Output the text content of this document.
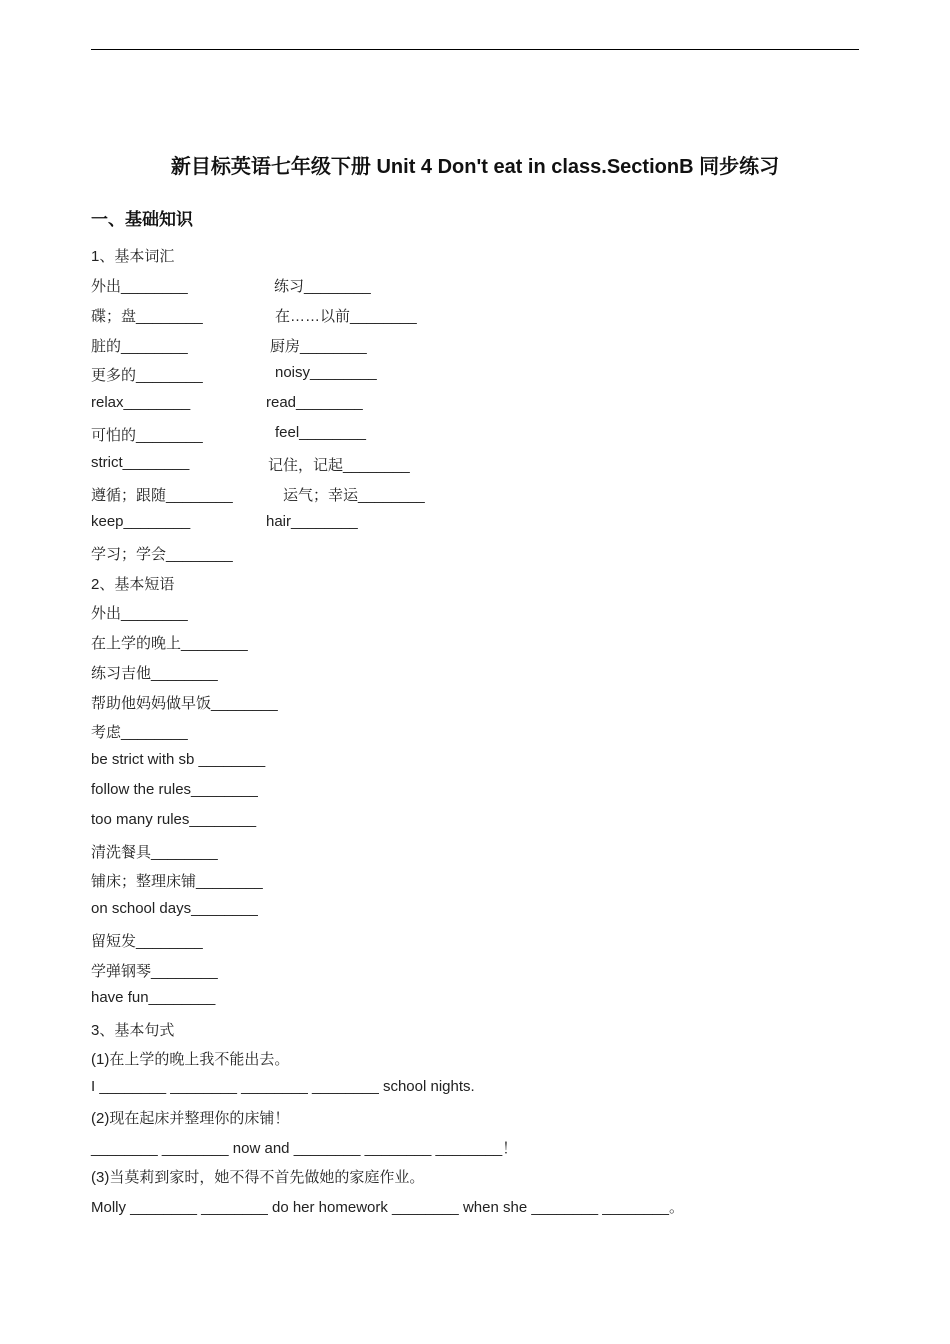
新目标英语七年级下册 Unit 4 Don't eat in class.SectionB 同步练习
一、基础知识
1、基本词汇
外出________	练习________
碟；盘________	在……以前________
脏的________	厨房________
更多的________	noisy________
relax________	read________
可怕的________	feel________
strict________	记住，记起________
遵循；跟随________	运气；幸运________
keep________	hair________
学习；学会________
2、基本短语
外出________
在上学的晚上________
练习吉他________
帮助他妈妈做早饭________
考虑________
be strict with sb ________
follow the rules________
too many rules________
清洗餐具________
铺床；整理床铺________
on school days________
留短发________
学弹钢琴________
have fun________
3、基本句式
(1)在上学的晚上我不能出去。
I ________ ________ ________ ________ school nights.
(2)现在起床并整理你的床铺！
________ ________ now and ________ ________ ________！
(3)当莫莉到家时，她不得不首先做她的家庭作业。
Molly ________ ________ do her homework ________ when she ________ ________。
